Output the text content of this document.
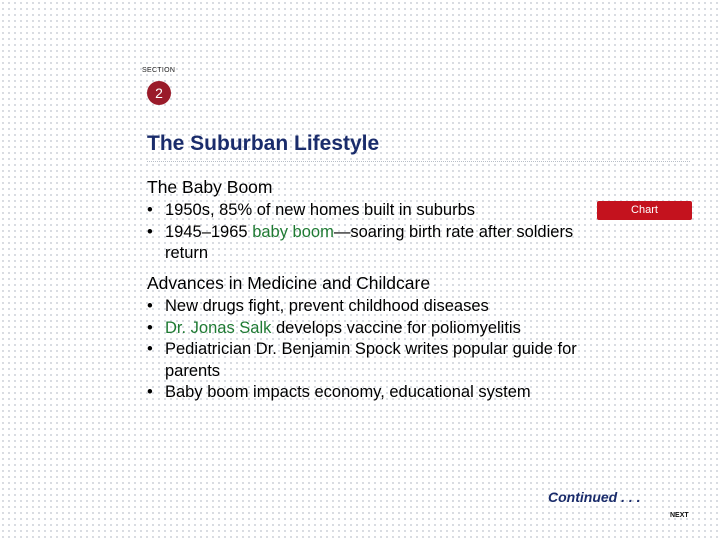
SECTION
2
The Suburban Lifestyle
The Baby Boom
• 1950s, 85% of new homes built in suburbs
• 1945–1965 baby boom—soaring birth rate after soldiers return
Chart
Advances in Medicine and Childcare
• New drugs fight, prevent childhood diseases
• Dr. Jonas Salk develops vaccine for poliomyelitis
• Pediatrician Dr. Benjamin Spock writes popular guide for parents
• Baby boom impacts economy, educational system
Continued . . .
NEXT
